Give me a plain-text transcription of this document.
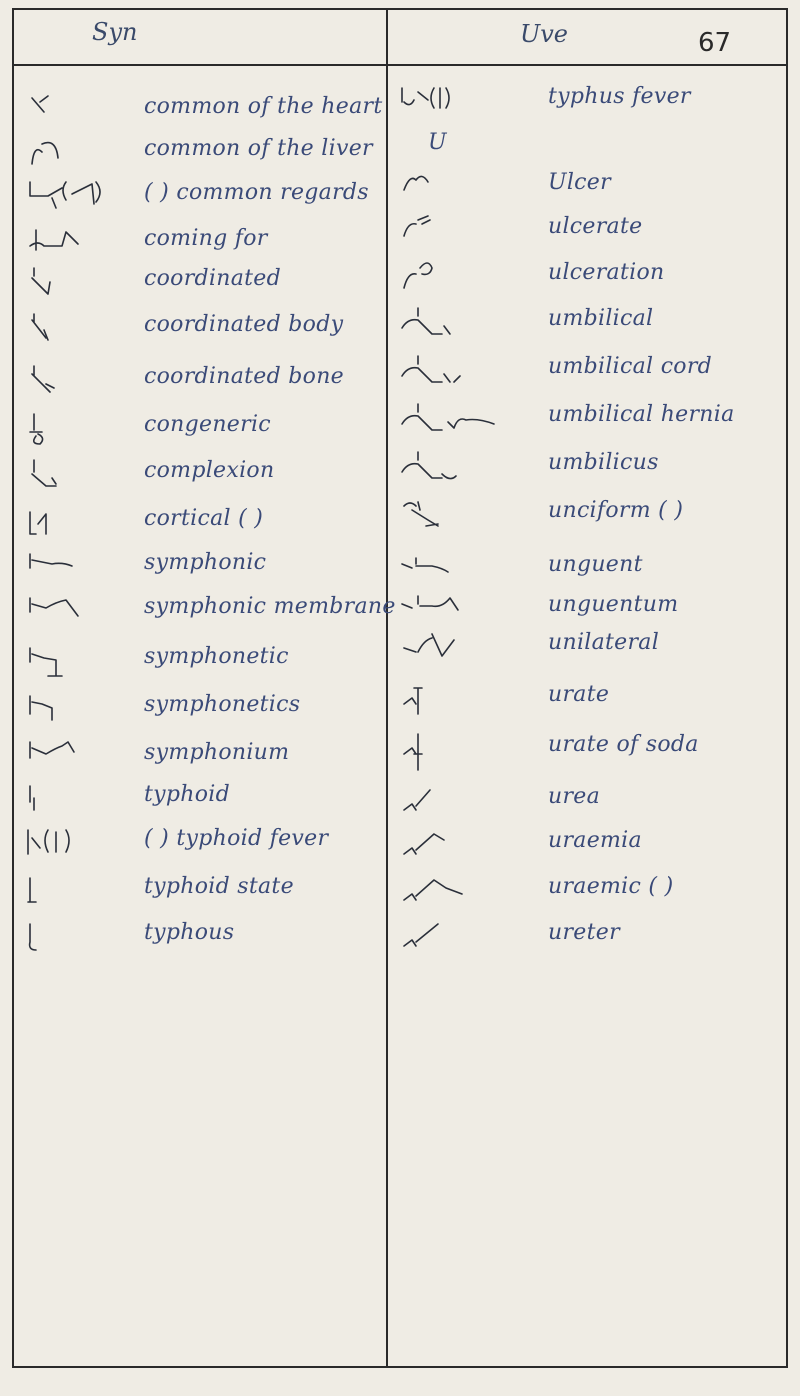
Syn	Uve	67
common of the heart
common of the liver
( ) common regards
coming for
coordinated
coordinated body
coordinated bone
congeneric
complexion
cortical ( )
symphonic
symphonic membrane
symphonetic
symphonetics
symphonium
typhoid
( ) typhoid fever
typhoid state
typhous
typhus fever
U
Ulcer
ulcerate
ulceration
umbilical
umbilical cord
umbilical hernia
umbilicus
unciform ( )
unguent
unguentum
unilateral
urate
urate of soda
urea
uraemia
uraemic ( )
ureter
